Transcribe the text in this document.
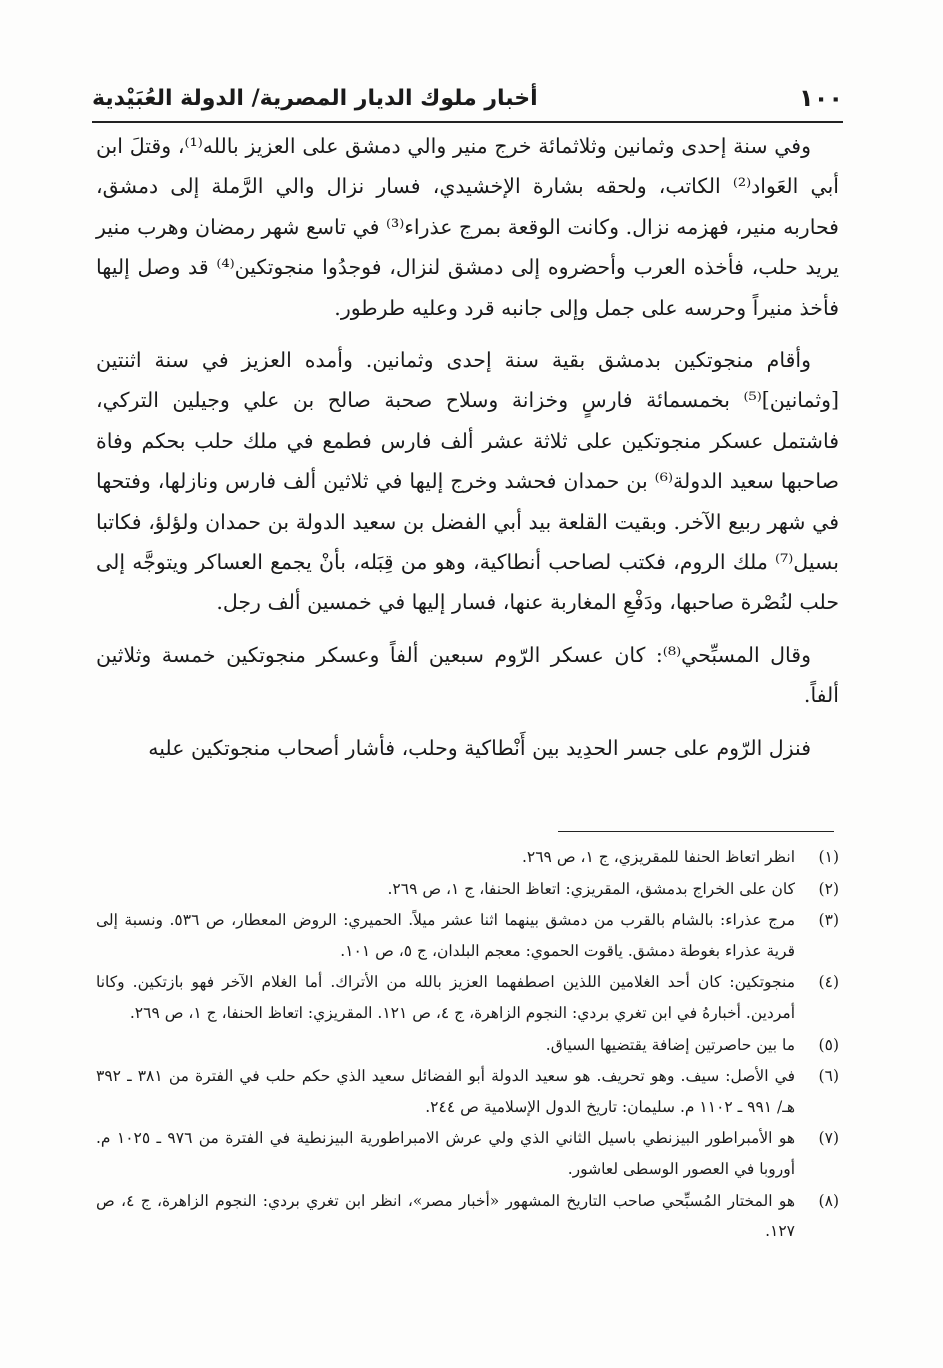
١٠٠
أخبار ملوك الديار المصرية/ الدولة العُبَيْدية

وفي سنة إحدى وثمانين وثلاثمائة خرج منير والي دمشق على العزيز بالله⁽¹⁾، وقتلَ ابن أبي العَواد⁽²⁾ الكاتب، ولحقه بشارة الإخشيدي، فسار نزال والي الرَّملة إلى دمشق، فحاربه منير، فهزمه نزال. وكانت الوقعة بمرج عذراء⁽³⁾ في تاسع شهر رمضان وهرب منير يريد حلب، فأخذه العرب وأحضروه إلى دمشق لنزال، فوجدُوا منجوتكين⁽⁴⁾ قد وصل إليها فأخذ منيراً وحرسه على جمل وإلى جانبه قرد وعليه طرطور.

وأقام منجوتكين بدمشق بقية سنة إحدى وثمانين. وأمده العزيز في سنة اثنتين [وثمانين]⁽⁵⁾ بخمسمائة فارسٍ وخزانة وسلاح صحبة صالح بن علي وجيلين التركي، فاشتمل عسكر منجوتكين على ثلاثة عشر ألف فارس فطمع في ملك حلب بحكم وفاة صاحبها سعيد الدولة⁽⁶⁾ بن حمدان فحشد وخرج إليها في ثلاثين ألف فارس ونازلها، وفتحها في شهر ربيع الآخر. وبقيت القلعة بيد أبي الفضل بن سعيد الدولة بن حمدان ولؤلؤ، فكاتبا بسيل⁽⁷⁾ ملك الروم، فكتب لصاحب أنطاكية، وهو من قِبَله، بأنْ يجمع العساكر ويتوجَّه إلى حلب لنُصْرة صاحبها، ودَفْعِ المغاربة عنها، فسار إليها في خمسين ألف رجل.

وقال المسبِّحي⁽⁸⁾: كان عسكر الرّوم سبعين ألفاً وعسكر منجوتكين خمسة وثلاثين ألفاً.

فنزل الرّوم على جسر الحدِيد بين أَنْطاكية وحلب، فأشار أصحاب منجوتكين عليه

(١)
انظر اتعاظ الحنفا للمقريزي، ج ١، ص ٢٦٩.
(٢)
كان على الخراج بدمشق، المقريزي: اتعاظ الحنفا، ج ١، ص ٢٦٩.
(٣)
مرج عذراء: بالشام بالقرب من دمشق بينهما اثنا عشر ميلاً. الحميري: الروض المعطار، ص ٥٣٦. ونسبة إلى قرية عذراء بغوطة دمشق. ياقوت الحموي: معجم البلدان، ج ٥، ص ١٠١.
(٤)
منجوتكين: كان أحد الغلامين اللذين اصطفهما العزيز بالله من الأتراك. أما الغلام الآخر فهو بازتكين. وكانا أمردين. أخبارهُ في ابن تغري بردي: النجوم الزاهرة، ج ٤، ص ١٢١. المقريزي: اتعاظ الحنفا، ج ١، ص ٢٦٩.
(٥)
ما بين حاصرتين إضافة يقتضيها السياق.
(٦)
في الأصل: سيف. وهو تحريف. هو سعيد الدولة أبو الفضائل سعيد الذي حكم حلب في الفترة من ٣٨١ ـ ٣٩٢ هـ/ ٩٩١ ـ ١١٠٢ م. سليمان: تاريخ الدول الإسلامية ص ٢٤٤.
(٧)
هو الأمبراطور البيزنطي باسيل الثاني الذي ولي عرش الامبراطورية البيزنطية في الفترة من ٩٧٦ ـ ١٠٢٥ م. أوروبا في العصور الوسطى لعاشور.
(٨)
هو المختار المُسبِّحي صاحب التاريخ المشهور «أخبار مصر»، انظر ابن تغري بردي: النجوم الزاهرة، ج ٤، ص ١٢٧.
